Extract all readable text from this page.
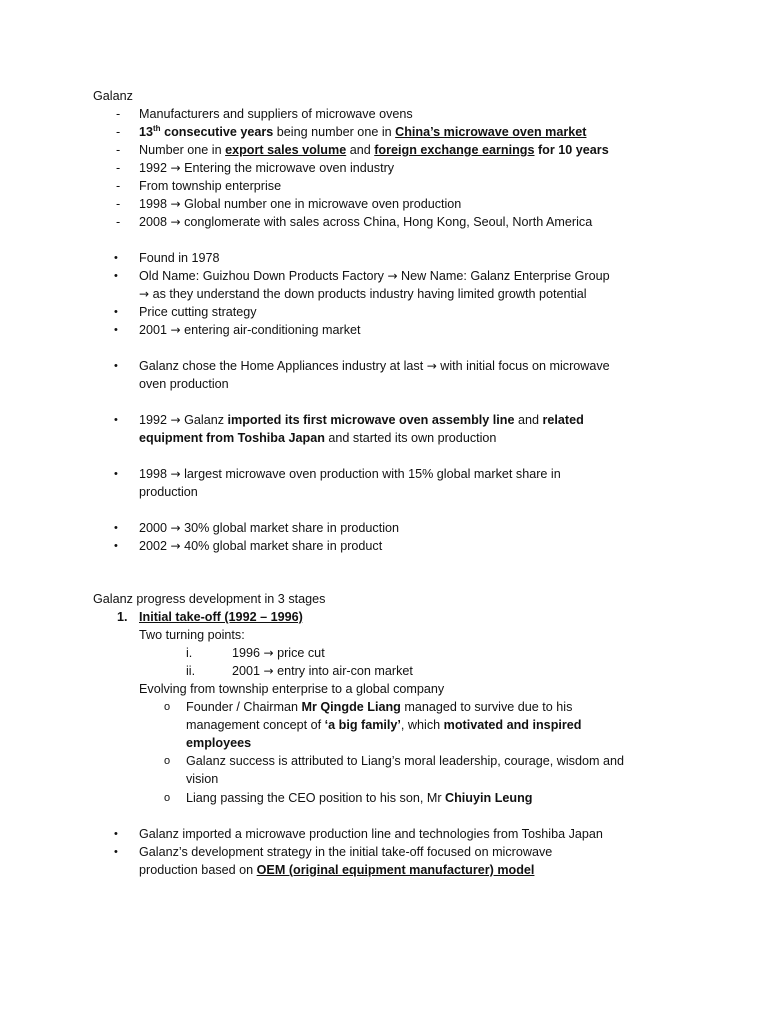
Galanz
- Manufacturers and suppliers of microwave ovens
- 13th consecutive years being number one in China’s microwave oven market
- Number one in export sales volume and foreign exchange earnings for 10 years
- 1992 → Entering the microwave oven industry
- From township enterprise
- 1998 → Global number one in microwave oven production
- 2008 → conglomerate with sales across China, Hong Kong, Seoul, North America
• Found in 1978
• Old Name: Guizhou Down Products Factory → New Name: Galanz Enterprise Group
→ as they understand the down products industry having limited growth potential
• Price cutting strategy
• 2001 → entering air-conditioning market
• Galanz chose the Home Appliances industry at last → with initial focus on microwave
oven production
• 1992 → Galanz imported its first microwave oven assembly line and related
equipment from Toshiba Japan and started its own production
• 1998 → largest microwave oven production with 15% global market share in
production
• 2000 → 30% global market share in production
• 2002 → 40% global market share in product
Galanz progress development in 3 stages
1. Initial take-off (1992 – 1996)
Two turning points:
i.	1996 → price cut
ii.	2001 → entry into air-con market
Evolving from township enterprise to a global company
o Founder / Chairman Mr Qingde Liang managed to survive due to his
management concept of ‘a big family’, which motivated and inspired
employees
o Galanz success is attributed to Liang’s moral leadership, courage, wisdom and
vision
o Liang passing the CEO position to his son, Mr Chiuyin Leung
• Galanz imported a microwave production line and technologies from Toshiba Japan
• Galanz’s development strategy in the initial take-off focused on microwave
production based on OEM (original equipment manufacturer) model
